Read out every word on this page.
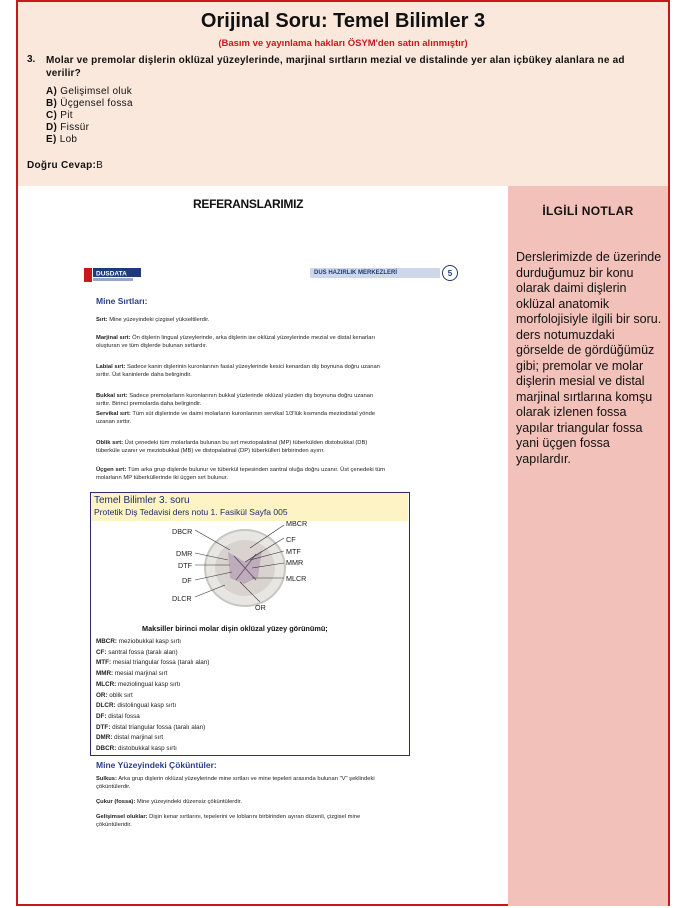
Orijinal Soru: Temel Bilimler 3
(Basım ve yayınlama hakları ÖSYM'den satın alınmıştır)
3. Molar ve premolar dişlerin oklüzal yüzeylerinde, marjinal sırtların mezial ve distalinde yer alan içbükey alanlara ne ad verilir?
A) Gelişimsel oluk
B) Üçgensel fossa
C) Pit
D) Fissür
E) Lob
Doğru Cevap:B
İLGİLİ NOTLAR
Derslerimizde de üzerinde durduğumuz bir konu olarak daimi dişlerin oklüzal anatomik morfolojisiyle ilgili bir soru. ders notumuzdaki görselde de gördüğümüz gibi; premolar ve molar dişlerin mesial ve distal marjinal sırtlarına komşu olarak izlenen fossa yapılar triangular fossa yani üçgen fossa yapılardır.
REFERANSLARIMIZ
DUSDATA	DUS HAZIRLIK MERKEZLERİ	5
Mine Sırtları:
Sırt: Mine yüzeyindeki çizgisel yükseltilerdir.
Marjinal sırt: Ön dişlerin lingual yüzeylerinde, arka dişlerin ise oklüzal yüzeylerinde mezial ve distal kenarları oluşturan ve tüm dişlerde bulunan sırtlardır.
Labial sırt: Sadece kanin dişlerinin kuronlarının fasial yüzeylerinde kesici kenardan diş boynuna doğru uzanan sırttır. Üst kaninlerde daha belirgindir.
Bukkal sırt: Sadece premolarların kuronlarının bukkal yüzlerinde oklüzal yüzden diş boynuna doğru uzanan sırttır. Birinci premolarda daha belirgindir.
Servikal sırt: Tüm süt dişlerinde ve daimi molarların kuronlarının servikal 1/3'lük kısmında meziodistal yönde uzanan sırttır.
Oblik sırt: Üst çenedeki tüm molarlarda bulunan bu sırt meziopalatinal (MP) tüberkülden distobukkal (DB) tüberküle uzanır ve meziobukkal (MB) ve distopalatinal (DP) tüberkülleri birbirinden ayırır.
Üçgen sırt: Tüm arka grup dişlerde bulunur ve tüberkül tepesinden santral oluğa doğru uzanır. Üst çenedeki tüm molarların MP tüberküllerinde iki üçgen sırt bulunur.
Temel Bilimler 3. soru
Protetik Diş Tedavisi ders notu 1. Fasikül Sayfa 005
DBCR
DMR
DTF
DF
DLCR
MBCR
CF
MTF
MMR
MLCR
OR
Maksiller birinci molar dişin oklüzal yüzey görünümü;
MBCR: meziobukkal kasp sırtı
CF: santral fossa (taralı alan)
MTF: mesial triangular fossa (taralı alan)
MMR: mesial marjinal sırt
MLCR: meziolingual kasp sırtı
OR: oblik sırt
DLCR: distolingual kasp sırtı
DF: distal fossa
DTF: distal triangular fossa (taralı alan)
DMR: distal marjinal sırt
DBCR: distobukkal kasp sırtı
Mine Yüzeyindeki Çöküntüler:
Sulkus: Arka grup dişlerin oklüzal yüzeylerinde mine sırtları ve mine tepeleri arasında bulunan "V" şeklindeki çöküntülerdir.
Çukur (fossa): Mine yüzeyindeki düzensiz çöküntülerdir.
Gelişimsel oluklar: Dişin kenar sırtlarını, tepelerini ve loblarını birbirinden ayıran düzenli, çizgisel mine çöküntüleridir.
